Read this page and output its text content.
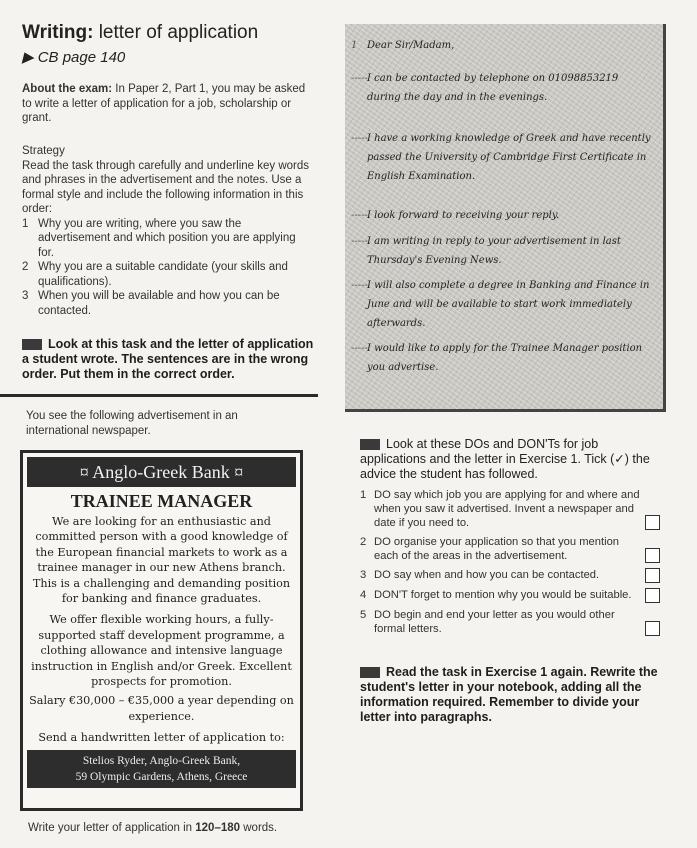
Writing: letter of application
▶ CB page 140
About the exam: In Paper 2, Part 1, you may be asked to write a letter of application for a job, scholarship or grant.
Strategy
Read the task through carefully and underline key words and phrases in the advertisement and the notes. Use a formal style and include the following information in this order:
1 Why you are writing, where you saw the advertisement and which position you are applying for.
2 Why you are a suitable candidate (your skills and qualifications).
3 When you will be available and how you can be contacted.
Look at this task and the letter of application a student wrote. The sentences are in the wrong order. Put them in the correct order.
You see the following advertisement in an international newspaper.
¤ Anglo-Greek Bank ¤
TRAINEE MANAGER
We are looking for an enthusiastic and committed person with a good knowledge of the European financial markets to work as a trainee manager in our new Athens branch. This is a challenging and demanding position for banking and finance graduates.
We offer flexible working hours, a fully-supported staff development programme, a clothing allowance and intensive language instruction in English and/or Greek. Excellent prospects for promotion.
Salary €30,000 – €35,000 a year depending on experience.
Send a handwritten letter of application to:
Stelios Ryder, Anglo-Greek Bank,
59 Olympic Gardens, Athens, Greece
Write your letter of application in 120–180 words.
1 Dear Sir/Madam,
----- I can be contacted by telephone on 01098853219 during the day and in the evenings.
----- I have a working knowledge of Greek and have recently passed the University of Cambridge First Certificate in English Examination.
----- I look forward to receiving your reply.
----- I am writing in reply to your advertisement in last Thursday's Evening News.
----- I will also complete a degree in Banking and Finance in June and will be available to start work immediately afterwards.
----- I would like to apply for the Trainee Manager position you advertise.
Look at these DOs and DON'Ts for job applications and the letter in Exercise 1. Tick (✓) the advice the student has followed.
1 DO say which job you are applying for and where and when you saw it advertised. Invent a newspaper and date if you need to.
2 DO organise your application so that you mention each of the areas in the advertisement.
3 DO say when and how you can be contacted.
4 DON'T forget to mention why you would be suitable.
5 DO begin and end your letter as you would other formal letters.
Read the task in Exercise 1 again. Rewrite the student's letter in your notebook, adding all the information required. Remember to divide your letter into paragraphs.
